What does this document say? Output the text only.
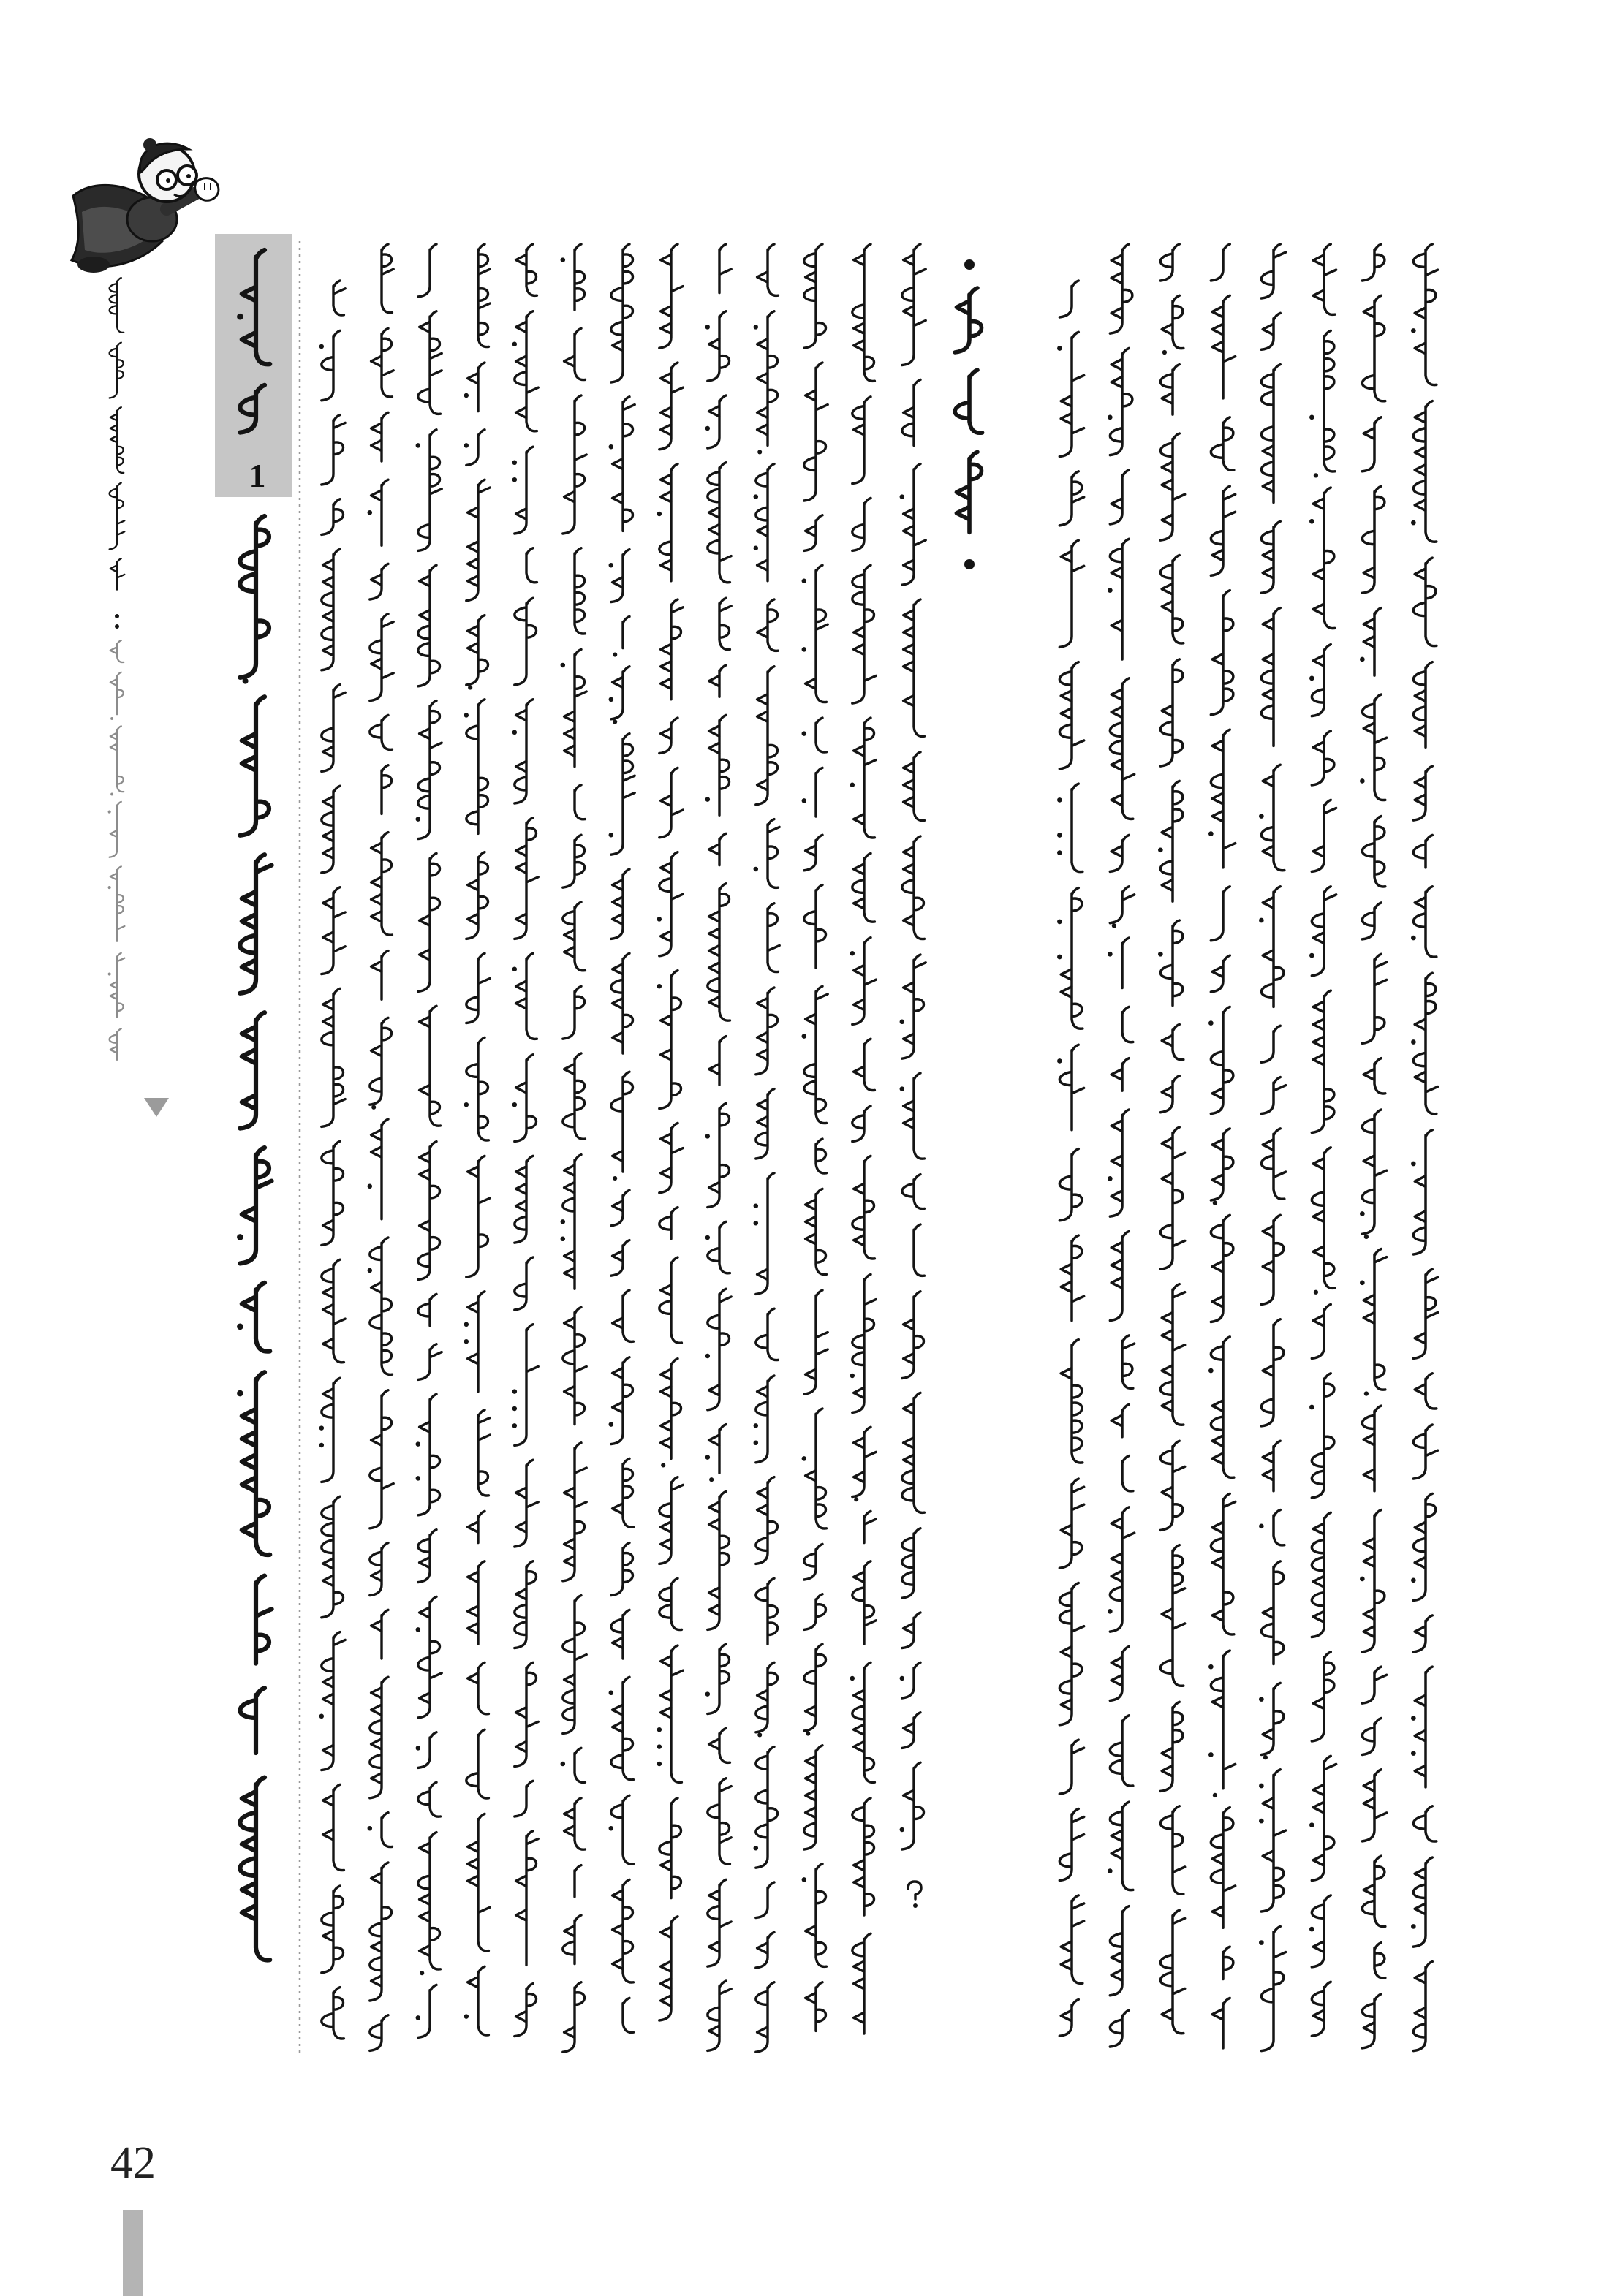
1
42
